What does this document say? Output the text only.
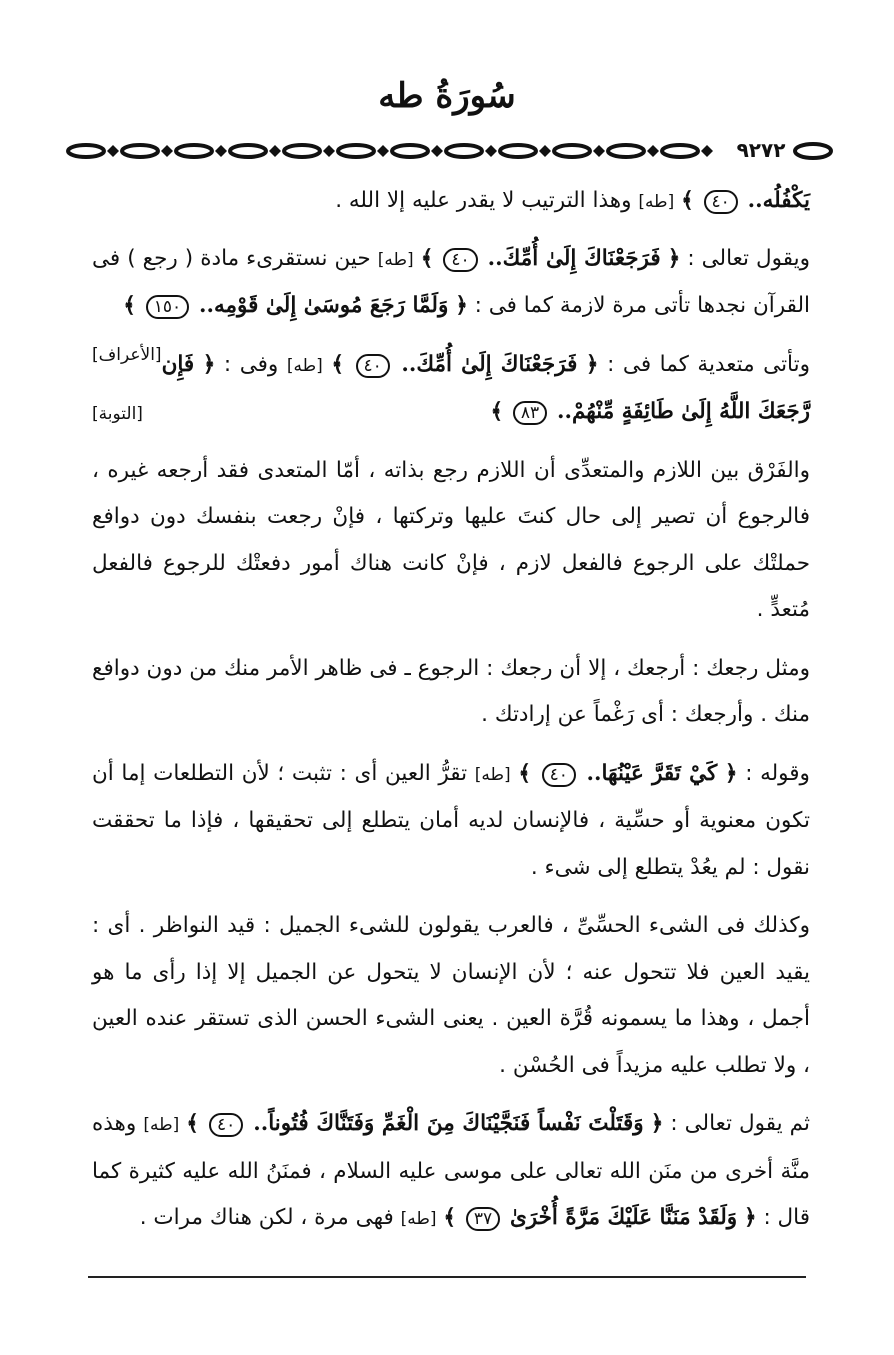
سُورَةُ طه
٩٢٧٢
يَكْفُلُه.. ٤٠ ﴾ [طه] وهذا الترتيب لا يقدر عليه إلا الله .
ويقول تعالى : ﴿ فَرَجَعْنَاكَ إِلَىٰ أُمِّكَ.. ٤٠ ﴾ [طه] حين نستقرىء مادة ( رجع ) فى القرآن نجدها تأتى مرة لازمة كما فى : ﴿ وَلَمَّا رَجَعَ مُوسَىٰ إِلَىٰ قَوْمِه.. ١٥٠ ﴾
[الأعراف]	وتأتى متعدية كما فى : ﴿ فَرَجَعْنَاكَ إِلَىٰ أُمِّكَ.. ٤٠ ﴾ [طه] وفى : ﴿ فَإِن رَّجَعَكَ اللَّهُ إِلَىٰ طَائِفَةٍ مِّنْهُمْ.. ٨٣ ﴾
[التوبة]
والفَرْق بين اللازم والمتعدِّى أن اللازم رجع بذاته ، أمّا المتعدى فقد أرجعه غيره ، فالرجوع أن تصير إلى حال كنتَ عليها وتركتها ، فإنْ رجعت بنفسك دون دوافع حملتْك على الرجوع فالفعل لازم ، فإنْ كانت هناك أمور دفعتْك للرجوع فالفعل مُتعدٍّ .
ومثل رجعك : أرجعك ، إلا أن رجعك : الرجوع ـ فى ظاهر الأمر منك من دون دوافع منك . وأرجعك : أى رَغْماً عن إرادتك .
وقوله : ﴿ كَيْ تَقَرَّ عَيْنُهَا.. ٤٠ ﴾ [طه] تقرُّ العين أى : تثبت ؛ لأن التطلعات إما أن تكون معنوية أو حسِّية ، فالإنسان لديه أمان يتطلع إلى تحقيقها ، فإذا ما تحققت نقول : لم يعُدْ يتطلع إلى شىء .
وكذلك فى الشىء الحسِّىِّ ، فالعرب يقولون للشىء الجميل : قيد النواظر . أى : يقيد العين فلا تتحول عنه ؛ لأن الإنسان لا يتحول عن الجميل إلا إذا رأى ما هو أجمل ، وهذا ما يسمونه قُرَّة العين . يعنى الشىء الحسن الذى تستقر عنده العين ، ولا تطلب عليه مزيداً فى الحُسْن .
ثم يقول تعالى : ﴿ وَقَتَلْتَ نَفْساً فَنَجَّيْنَاكَ مِنَ الْغَمِّ وَفَتَنَّاكَ فُتُوناً.. ٤٠ ﴾ [طه] وهذه منَّة أخرى من منَن الله تعالى على موسى عليه السلام ، فمنَنُ الله عليه كثيرة كما قال : ﴿ وَلَقَدْ مَنَنَّا عَلَيْكَ مَرَّةً أُخْرَىٰ ٣٧ ﴾ [طه] فهى مرة ، لكن هناك مرات .
